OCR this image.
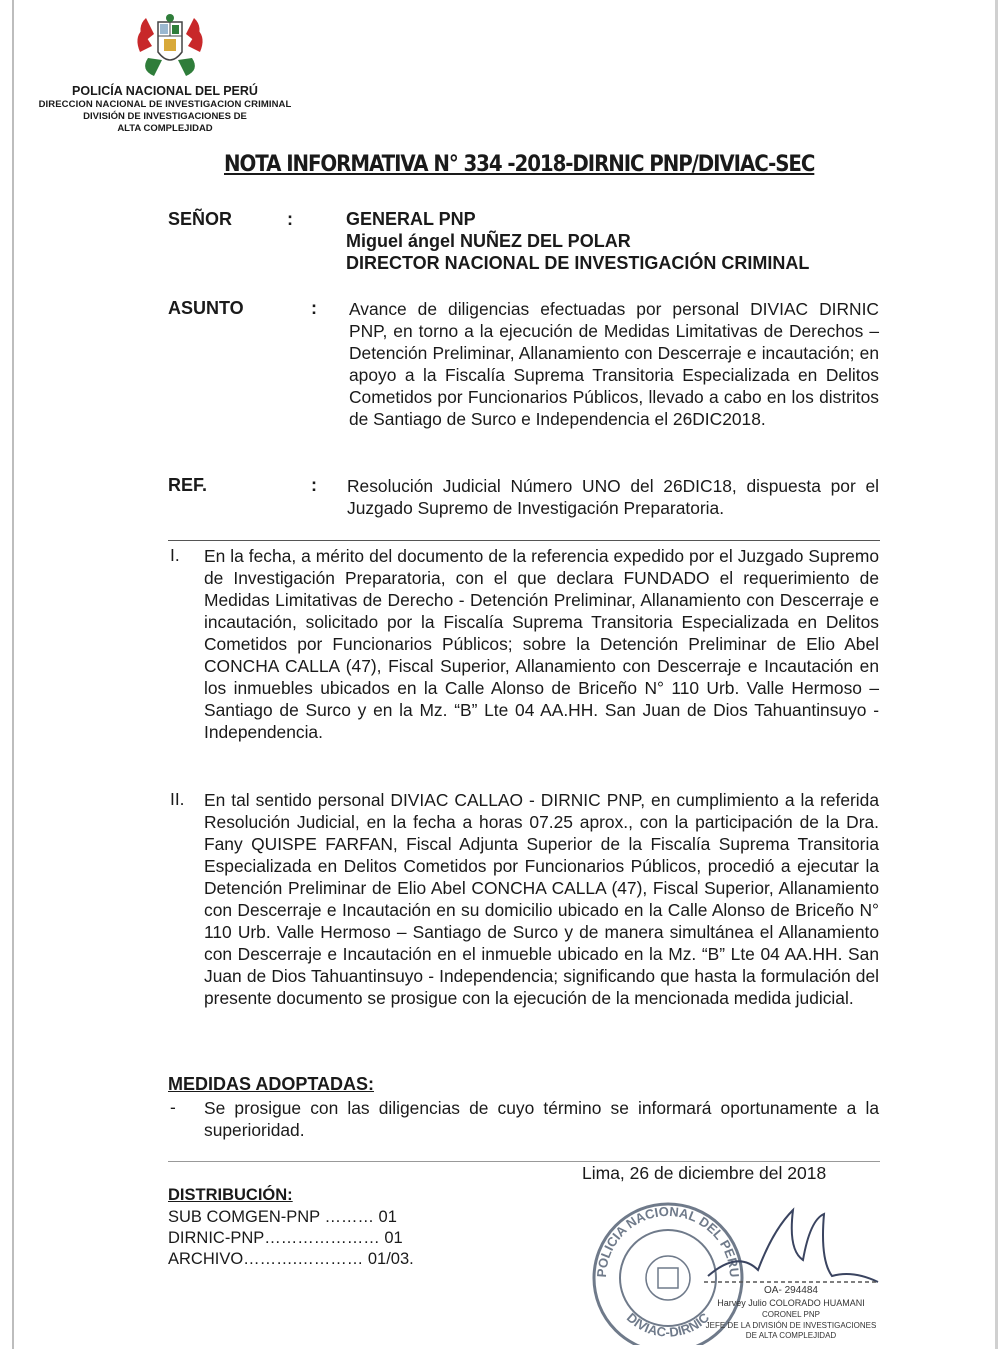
POLICÍA NACIONAL DEL PERÚ
DIRECCION NACIONAL DE INVESTIGACION CRIMINAL
DIVISIÓN DE INVESTIGACIONES DE
ALTA COMPLEJIDAD
NOTA INFORMATIVA N° 334 -2018-DIRNIC PNP/DIVIAC-SEC
SEÑOR	:	GENERAL PNP
Miguel ángel NUÑEZ DEL POLAR
DIRECTOR NACIONAL DE INVESTIGACIÓN CRIMINAL
ASUNTO	: Avance de diligencias efectuadas por personal DIVIAC DIRNIC PNP, en torno a la ejecución de Medidas Limitativas de Derechos – Detención Preliminar, Allanamiento con Descerraje e incautación; en apoyo a la Fiscalía Suprema Transitoria Especializada en Delitos Cometidos por Funcionarios Públicos, llevado a cabo en los distritos de Santiago de Surco e Independencia el 26DIC2018.
REF.	: Resolución Judicial Número UNO del 26DIC18, dispuesta por el Juzgado Supremo de Investigación Preparatoria.
I. En la fecha, a mérito del documento de la referencia expedido por el Juzgado Supremo de Investigación Preparatoria, con el que declara FUNDADO el requerimiento de Medidas Limitativas de Derecho - Detención Preliminar, Allanamiento con Descerraje e incautación, solicitado por la Fiscalía Suprema Transitoria Especializada en Delitos Cometidos por Funcionarios Públicos; sobre la Detención Preliminar de Elio Abel CONCHA CALLA (47), Fiscal Superior, Allanamiento con Descerraje e Incautación en los inmuebles ubicados en la Calle Alonso de Briceño N° 110 Urb. Valle Hermoso – Santiago de Surco y en la Mz. “B” Lte 04 AA.HH. San Juan de Dios Tahuantinsuyo - Independencia.
II. En tal sentido personal DIVIAC CALLAO - DIRNIC PNP, en cumplimiento a la referida Resolución Judicial, en la fecha a horas 07.25 aprox., con la participación de la Dra. Fany QUISPE FARFAN, Fiscal Adjunta Superior de la Fiscalía Suprema Transitoria Especializada en Delitos Cometidos por Funcionarios Públicos, procedió a ejecutar la Detención Preliminar de Elio Abel CONCHA CALLA (47), Fiscal Superior, Allanamiento con Descerraje e Incautación en su domicilio ubicado en la Calle Alonso de Briceño N° 110 Urb. Valle Hermoso – Santiago de Surco y de manera simultánea el Allanamiento con Descerraje e Incautación en el inmueble ubicado en la Mz. “B” Lte 04 AA.HH. San Juan de Dios Tahuantinsuyo - Independencia; significando que hasta la formulación del presente documento se prosigue con la ejecución de la mencionada medida judicial.
MEDIDAS ADOPTADAS:
- Se prosigue con las diligencias de cuyo término se informará oportunamente a la superioridad.
Lima, 26 de diciembre del 2018
DISTRIBUCIÓN:
SUB COMGEN-PNP ……… 01
DIRNIC-PNP………………… 01
ARCHIVO……….………… 01/03.
POLICIA NACIONAL DEL PERU
DIVIAC-DIRNIC
OA- 294484
Harvey Julio COLORADO HUAMANI
CORONEL PNP
JEFE DE LA DIVISIÓN DE INVESTIGACIONES
DE ALTA COMPLEJIDAD
